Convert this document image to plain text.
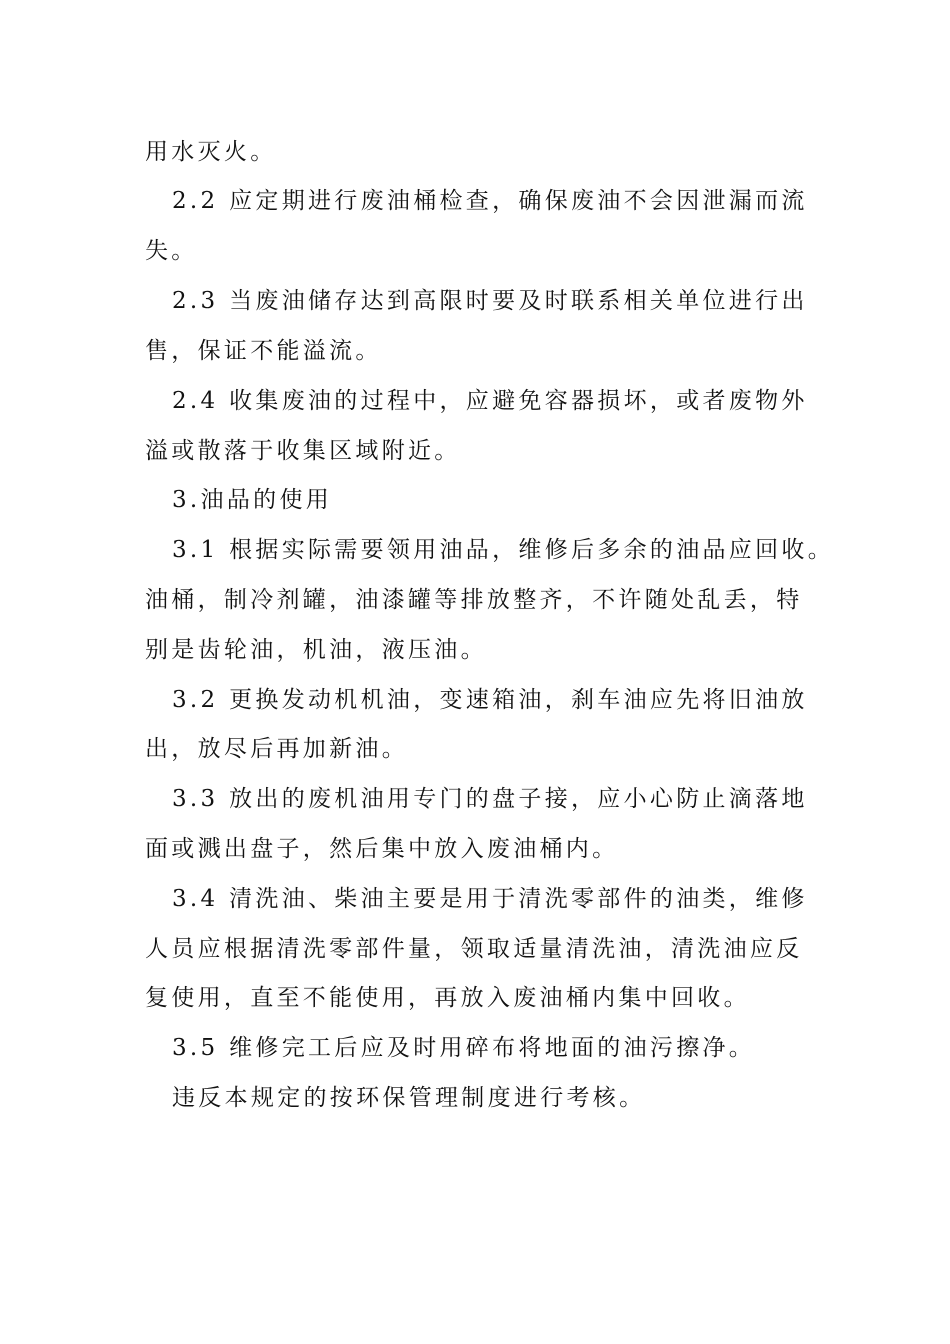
用水灭火。
2.2 应定期进行废油桶检查，确保废油不会因泄漏而流
失。
2.3 当废油储存达到高限时要及时联系相关单位进行出
售，保证不能溢流。
2.4 收集废油的过程中，应避免容器损坏，或者废物外
溢或散落于收集区域附近。
3.油品的使用
3.1 根据实际需要领用油品，维修后多余的油品应回收。
油桶，制冷剂罐，油漆罐等排放整齐，不许随处乱丢，特
别是齿轮油，机油，液压油。
3.2 更换发动机机油，变速箱油，刹车油应先将旧油放
出，放尽后再加新油。
3.3 放出的废机油用专门的盘子接，应小心防止滴落地
面或溅出盘子，然后集中放入废油桶内。
3.4 清洗油、柴油主要是用于清洗零部件的油类，维修
人员应根据清洗零部件量，领取适量清洗油，清洗油应反
复使用，直至不能使用，再放入废油桶内集中回收。
3.5 维修完工后应及时用碎布将地面的油污擦净。
违反本规定的按环保管理制度进行考核。
